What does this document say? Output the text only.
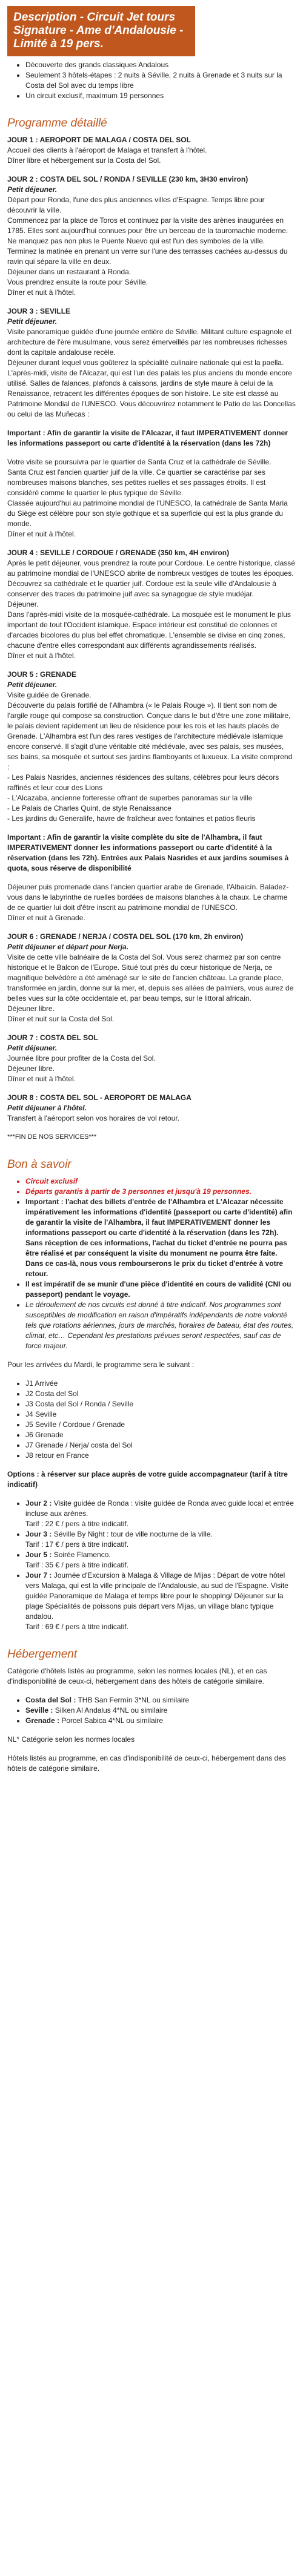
Description - Circuit Jet tours Signature - Ame d'Andalousie - Limité à 19 pers.
• Découverte des grands classiques Andalous
• Seulement 3 hôtels-étapes : 2 nuits à Séville, 2 nuits à Grenade et 3 nuits sur la Costa del Sol avec du temps libre
• Un circuit exclusif, maximum 19 personnes
Programme détaillé

JOUR 1 : AEROPORT DE MALAGA / COSTA DEL SOL
Accueil des clients à l'aéroport de Malaga et transfert à l'hôtel.
Dîner libre et hébergement sur la Costa del Sol.

JOUR 2 : COSTA DEL SOL / RONDA / SEVILLE (230 km, 3H30 environ)
Petit déjeuner.
Départ pour Ronda, l'une des plus anciennes villes d'Espagne. Temps libre pour découvrir la ville.
Commencez par la place de Toros et continuez par la visite des arènes inaugurées en 1785. Elles sont aujourd'hui connues pour être un berceau de la tauromachie moderne. Ne manquez pas non plus le Puente Nuevo qui est l'un des symboles de la ville. Terminez la matinée en prenant un verre sur l'une des terrasses cachées au-dessus du ravin qui sépare la ville en deux.
Déjeuner dans un restaurant à Ronda.
Vous prendrez ensuite la route pour Séville.
Dîner et nuit à l'hôtel.

JOUR 3 : SEVILLE
Petit déjeuner.
Visite panoramique guidée d'une journée entière de Séville. Militant culture espagnole et architecture de l'ère musulmane, vous serez émerveillés par les nombreuses richesses dont la capitale andalouse recèle.
Déjeuner durant lequel vous goûterez la spécialité culinaire nationale qui est la paella.
L'après-midi, visite de l'Alcazar, qui est l'un des palais les plus anciens du monde encore utilisé. Salles de falances, plafonds à caissons, jardins de style maure à celui de la Renaissance, retracent les différentes époques de son histoire. Le site est classé au Patrimoine Mondial de l'UNESCO. Vous découvrirez notamment le Patio de las Doncellas ou celui de las Muñecas :

Important : Afin de garantir la visite de l'Alcazar, il faut IMPERATIVEMENT donner les informations passeport ou carte d'identité à la réservation (dans les 72h)

Votre visite se poursuivra par le quartier de Santa Cruz et la cathédrale de Séville.
Santa Cruz est l'ancien quartier juif de la ville. Ce quartier se caractérise par ses nombreuses maisons blanches, ses petites ruelles et ses passages étroits. Il est considéré comme le quartier le plus typique de Séville.
Classée aujourd'hui au patrimoine mondial de l'UNESCO, la cathédrale de Santa Maria du Siège est célèbre pour son style gothique et sa superficie qui est la plus grande du monde.
Dîner et nuit à l'hôtel.

JOUR 4 : SEVILLE / CORDOUE / GRENADE (350 km, 4H environ)
Après le petit déjeuner, vous prendrez la route pour Cordoue. Le centre historique, classé au patrimoine mondial de l'UNESCO abrite de nombreux vestiges de toutes les époques. Découvrez sa cathédrale et le quartier juif. Cordoue est la seule ville d'Andalousie à conserver des traces du patrimoine juif avec sa synagogue de style mudéjar.
Déjeuner.
Dans l'après-midi visite de la mosquée-cathédrale. La mosquée est le monument le plus important de tout l'Occident islamique. Espace intérieur est constitué de colonnes et d'arcades bicolores du plus bel effet chromatique. L'ensemble se divise en cinq zones, chacune d'entre elles correspondant aux différents agrandissements réalisés.
Dîner et nuit à l'hôtel.

JOUR 5 : GRENADE
Petit déjeuner.
Visite guidée de Grenade.
Découverte du palais fortifié de l'Alhambra (« le Palais Rouge »). Il tient son nom de l'argile rouge qui compose sa construction. Conçue dans le but d'être une zone militaire, le palais devient rapidement un lieu de résidence pour les rois et les hauts placés de Grenade. L'Alhambra est l'un des rares vestiges de l'architecture médiévale islamique encore conservé. Il s'agit d'une véritable cité médiévale, avec ses palais, ses musées, ses bains, sa mosquée et surtout ses jardins flamboyants et luxueux. La visite comprend :
- Les Palais Nasrides, anciennes résidences des sultans, célèbres pour leurs décors raffinés et leur cour des Lions
- L'Alcazaba, ancienne forteresse offrant de superbes panoramas sur la ville
- Le Palais de Charles Quint, de style Renaissance
- Les jardins du Generalife, havre de fraîcheur avec fontaines et patios fleuris

Important : Afin de garantir la visite complète du site de l'Alhambra, il faut IMPERATIVEMENT donner les informations passeport ou carte d'identité à la réservation (dans les 72h). Entrées aux Palais Nasrides et aux jardins soumises à quota, sous réserve de disponibilité

Déjeuner puis promenade dans l'ancien quartier arabe de Grenade, l'Albaicín. Baladez-vous dans le labyrinthe de ruelles bordées de maisons blanches à la chaux. Le charme de ce quartier lui doit d'être inscrit au patrimoine mondial de l'UNESCO.
Dîner et nuit à Grenade.

JOUR 6 : GRENADE / NERJA / COSTA DEL SOL (170 km, 2h environ)
Petit déjeuner et départ pour Nerja.
Visite de cette ville balnéaire de la Costa del Sol. Vous serez charmez par son centre historique et le Balcon de l'Europe. Situé tout près du cœur historique de Nerja, ce magnifique belvédère a été aménagé sur le site de l'ancien château. La grande place, transformée en jardin, donne sur la mer, et, depuis ses allées de palmiers, vous aurez de belles vues sur la côte occidentale et, par beau temps, sur le littoral africain.
Déjeuner libre.
Dîner et nuit sur la Costa del Sol.

JOUR 7 : COSTA DEL SOL
Petit déjeuner.
Journée libre pour profiter de la Costa del Sol.
Déjeuner libre.
Dîner et nuit à l'hôtel.

JOUR 8 : COSTA DEL SOL - AEROPORT DE MALAGA
Petit déjeuner à l'hôtel.
Transfert à l'aéroport selon vos horaires de vol retour.

***FIN DE NOS SERVICES***

Bon à savoir
• Circuit exclusif
• Départs garantis à partir de 3 personnes et jusqu'à 19 personnes.
• Important : l'achat des billets d'entrée de l'Alhambra et L'Alcazar nécessite impérativement les informations d'identité (passeport ou carte d'identité) afin de garantir la visite de l'Alhambra, il faut IMPERATIVEMENT donner les informations passeport ou carte d'identité à la réservation (dans les 72h). Sans réception de ces informations, l'achat du ticket d'entrée ne pourra pas être réalisé et par conséquent la visite du monument ne pourra être faite. Dans ce cas-là, nous vous rembourserons le prix du ticket d'entrée à votre retour.
• Il est impératif de se munir d'une pièce d'identité en cours de validité (CNI ou passeport) pendant le voyage.
• Le déroulement de nos circuits est donné à titre indicatif. Nos programmes sont susceptibles de modification en raison d'impératifs indépendants de notre volonté tels que rotations aériennes, jours de marchés, horaires de bateau, état des routes, climat, etc… Cependant les prestations prévues seront respectées, sauf cas de force majeur.

Pour les arrivées du Mardi, le programme sera le suivant :

• J1 Arrivée
• J2 Costa del Sol
• J3 Costa del Sol / Ronda / Seville
• J4 Seville
• J5 Seville / Cordoue / Grenade
• J6 Grenade
• J7 Grenade / Nerja/ costa del Sol
• J8 retour en France

Options : à réserver sur place auprès de votre guide accompagnateur (tarif à titre indicatif)

• Jour 2 : Visite guidée de Ronda : visite guidée de Ronda avec guide local et entrée incluse aux arènes.
Tarif : 22 € / pers à titre indicatif.
• Jour 3 : Séville By Night : tour de ville nocturne de la ville.
Tarif : 17 € / pers à titre indicatif.
• Jour 5 : Soirée Flamenco.
Tarif : 35 € / pers à titre indicatif.
• Jour 7 : Journée d'Excursion à Malaga & Village de Mijas : Départ de votre hôtel vers Malaga, qui est la ville principale de l'Andalousie, au sud de l'Espagne. Visite guidée Panoramique de Malaga et temps libre pour le shopping/ Déjeuner sur la plage Spécialités de poissons puis départ vers Mijas, un village blanc typique andalou.
Tarif : 69 € / pers à titre indicatif.
Hébergement

Catégorie d'hôtels listés au programme, selon les normes locales (NL), et en cas d'indisponibilité de ceux-ci, hébergement dans des hôtels de catégorie similaire.

• Costa del Sol : THB San Fermín 3*NL ou similaire
• Seville : Silken Al Andalus 4*NL ou similaire
• Grenade : Porcel Sabica 4*NL ou similaire

NL* Catégorie selon les normes locales

Hôtels listés au programme, en cas d'indisponibilité de ceux-ci, hébergement dans des hôtels de catégorie similaire.
